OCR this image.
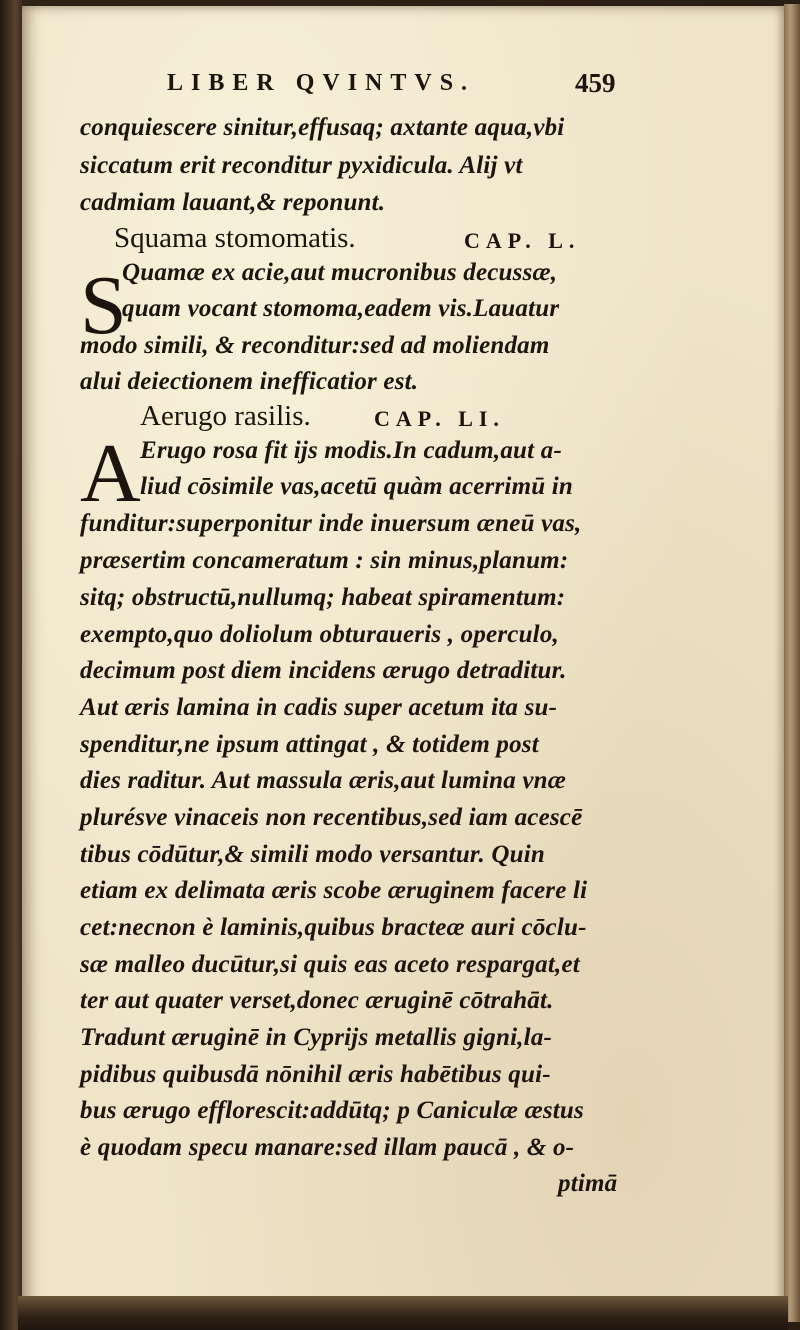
LIBER QVINTVS.	459
conquiescere sinitur,effusaq; axtante aqua,vbi
siccatum erit reconditur pyxidicula. Alij vt
cadmiam lauant,& reponunt.
Squama stomomatis.	CAP. L.
S
Quamæ ex acie,aut mucronibus decussæ,
quam vocant stomoma,eadem vis.Lauatur
modo simili, & reconditur:sed ad moliendam
alui deiectionem inefficatior est.
Aerugo rasilis.	CAP. LI.
A Erugo rosa fit ijs modis.In cadum,aut a-
liud cōsimile vas,acetū quàm acerrimū in
funditur:superponitur inde inuersum æneū vas,
præsertim concameratum : sin minus,planum:
sitq; obstructū,nullumq; habeat spiramentum:
exempto,quo doliolum obturaueris , operculo,
decimum post diem incidens ærugo detraditur.
Aut æris lamina in cadis super acetum ita su-
spenditur,ne ipsum attingat , & totidem post
dies raditur. Aut massula æris,aut lumina vnæ
plurésve vinaceis non recentibus,sed iam acescē
tibus cōdūtur,& simili modo versantur. Quin
etiam ex delimata æris scobe æruginem facere li
cet:necnon è laminis,quibus bracteæ auri cōclu-
sæ malleo ducūtur,si quis eas aceto respargat,et
ter aut quater verset,donec æruginē cōtrahāt.
Tradunt æruginē in Cyprijs metallis gigni,la-
pidibus quibusdā nōnihil æris habētibus qui-
bus ærugo efflorescit:addūtq; p Caniculæ æstus
è quodam specu manare:sed illam paucā , & o-
ptimā
